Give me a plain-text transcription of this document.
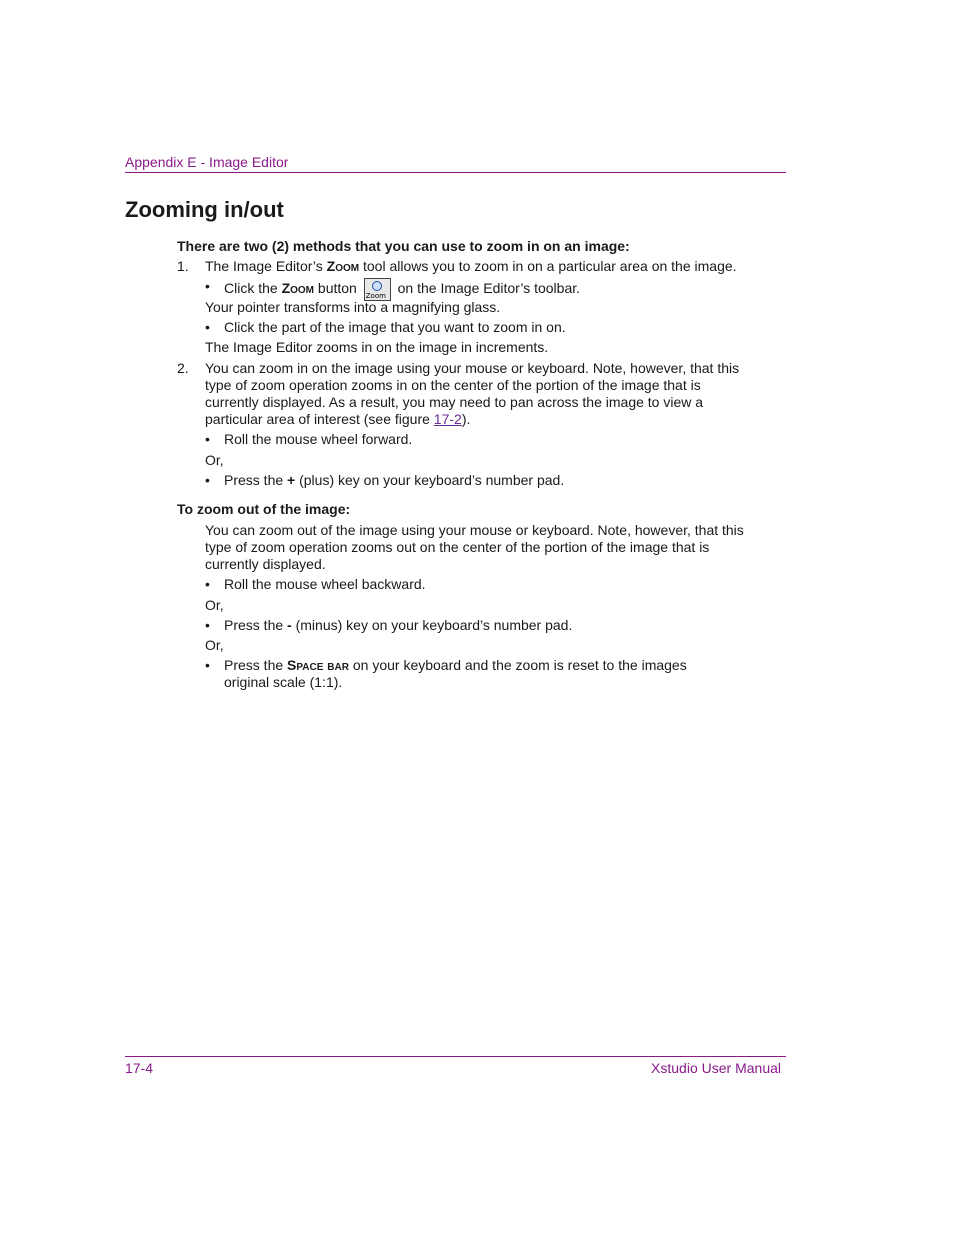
Appendix E - Image Editor
Zooming in/out
There are two (2) methods that you can use to zoom in on an image:
1. The Image Editor’s Zoom tool allows you to zoom in on a particular area on the image.
• Click the Zoom button Zoom on the Image Editor’s toolbar.
Your pointer transforms into a magnifying glass.
• Click the part of the image that you want to zoom in on.
The Image Editor zooms in on the image in increments.
2. You can zoom in on the image using your mouse or keyboard. Note, however, that this
type of zoom operation zooms in on the center of the portion of the image that is
currently displayed. As a result, you may need to pan across the image to view a
particular area of interest (see figure 17-2).
• Roll the mouse wheel forward.
Or,
• Press the + (plus) key on your keyboard’s number pad.
To zoom out of the image:
You can zoom out of the image using your mouse or keyboard. Note, however, that this
type of zoom operation zooms out on the center of the portion of the image that is
currently displayed.
• Roll the mouse wheel backward.
Or,
• Press the - (minus) key on your keyboard’s number pad.
Or,
• Press the Space bar on your keyboard and the zoom is reset to the images
original scale (1:1).
17-4	Xstudio User Manual
